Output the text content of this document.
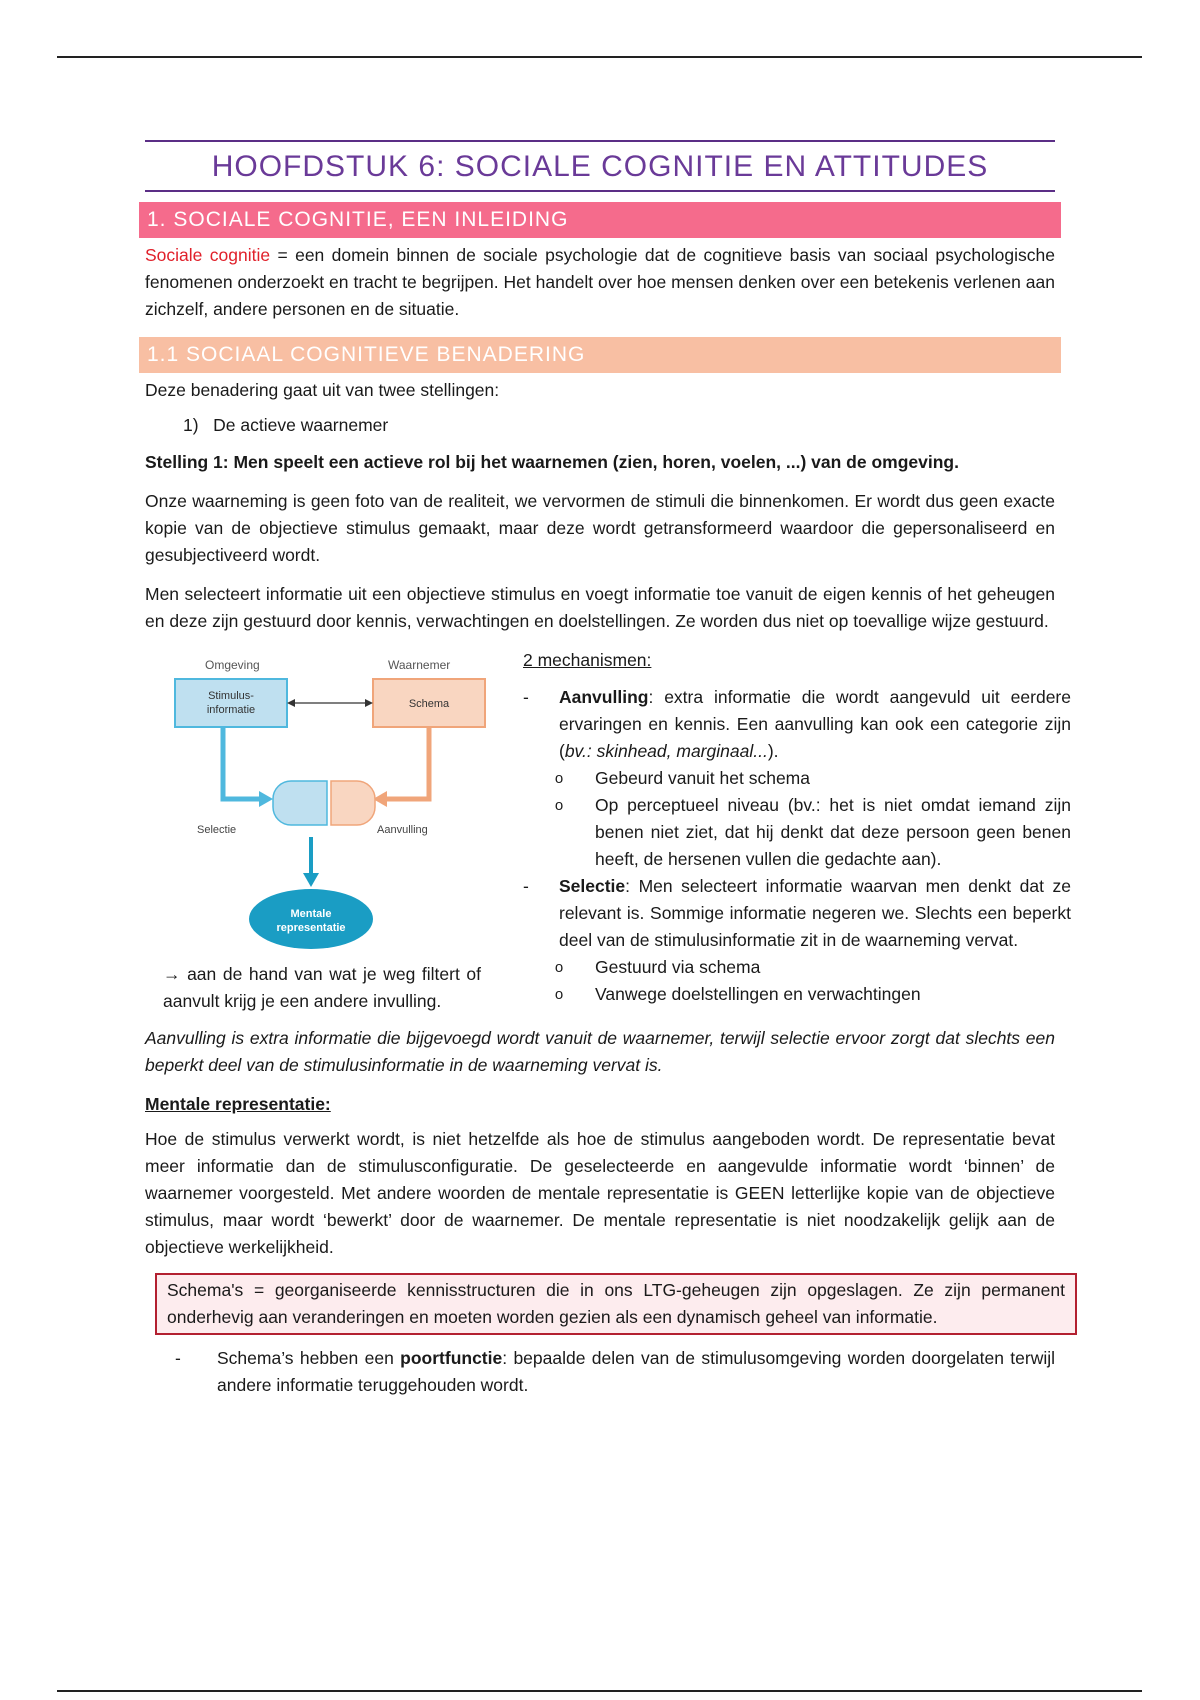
HOOFDSTUK 6: SOCIALE COGNITIE EN ATTITUDES
1. SOCIALE COGNITIE, EEN INLEIDING

Sociale cognitie = een domein binnen de sociale psychologie dat de cognitieve basis van sociaal psychologische fenomenen onderzoekt en tracht te begrijpen. Het handelt over hoe mensen denken over een betekenis verlenen aan zichzelf, andere personen en de situatie.

1.1 SOCIAAL COGNITIEVE BENADERING

Deze benadering gaat uit van twee stellingen:

1) De actieve waarnemer

Stelling 1: Men speelt een actieve rol bij het waarnemen (zien, horen, voelen, ...) van de omgeving.

Onze waarneming is geen foto van de realiteit, we vervormen de stimuli die binnenkomen. Er wordt dus geen exacte kopie van de objectieve stimulus gemaakt, maar deze wordt getransformeerd waardoor die gepersonaliseerd en gesubjectiveerd wordt.

Men selecteert informatie uit een objectieve stimulus en voegt informatie toe vanuit de eigen kennis of het geheugen en deze zijn gestuurd door kennis, verwachtingen en doelstellingen. Ze worden dus niet op toevallige wijze gestuurd.

Omgeving	Waarnemer
Stimulus-
informatie	Schema
Selectie	Aanvulling
Mentale
representatie
→ aan de hand van wat je weg filtert of aanvult krijg je een andere invulling.
2 mechanismen:
-	Aanvulling: extra informatie die wordt aangevuld uit eerdere ervaringen en kennis. Een aanvulling kan ook een categorie zijn (bv.: skinhead, marginaal...).
o	Gebeurd vanuit het schema
o	Op perceptueel niveau (bv.: het is niet omdat iemand zijn benen niet ziet, dat hij denkt dat deze persoon geen benen heeft, de hersenen vullen die gedachte aan).
-	Selectie: Men selecteert informatie waarvan men denkt dat ze relevant is. Sommige informatie negeren we. Slechts een beperkt deel van de stimulusinformatie zit in de waarneming vervat.
o	Gestuurd via schema
o	Vanwege doelstellingen en verwachtingen

Aanvulling is extra informatie die bijgevoegd wordt vanuit de waarnemer, terwijl selectie ervoor zorgt dat slechts een beperkt deel van de stimulusinformatie in de waarneming vervat is.

Mentale representatie:

Hoe de stimulus verwerkt wordt, is niet hetzelfde als hoe de stimulus aangeboden wordt. De representatie bevat meer informatie dan de stimulusconfiguratie. De geselecteerde en aangevulde informatie wordt ‘binnen’ de waarnemer voorgesteld. Met andere woorden de mentale representatie is GEEN letterlijke kopie van de objectieve stimulus, maar wordt ‘bewerkt’ door de waarnemer. De mentale representatie is niet noodzakelijk gelijk aan de objectieve werkelijkheid.

Schema's = georganiseerde kennisstructuren die in ons LTG-geheugen zijn opgeslagen. Ze zijn permanent onderhevig aan veranderingen en moeten worden gezien als een dynamisch geheel van informatie.
-	Schema’s hebben een poortfunctie: bepaalde delen van de stimulusomgeving worden doorgelaten terwijl andere informatie teruggehouden wordt.
